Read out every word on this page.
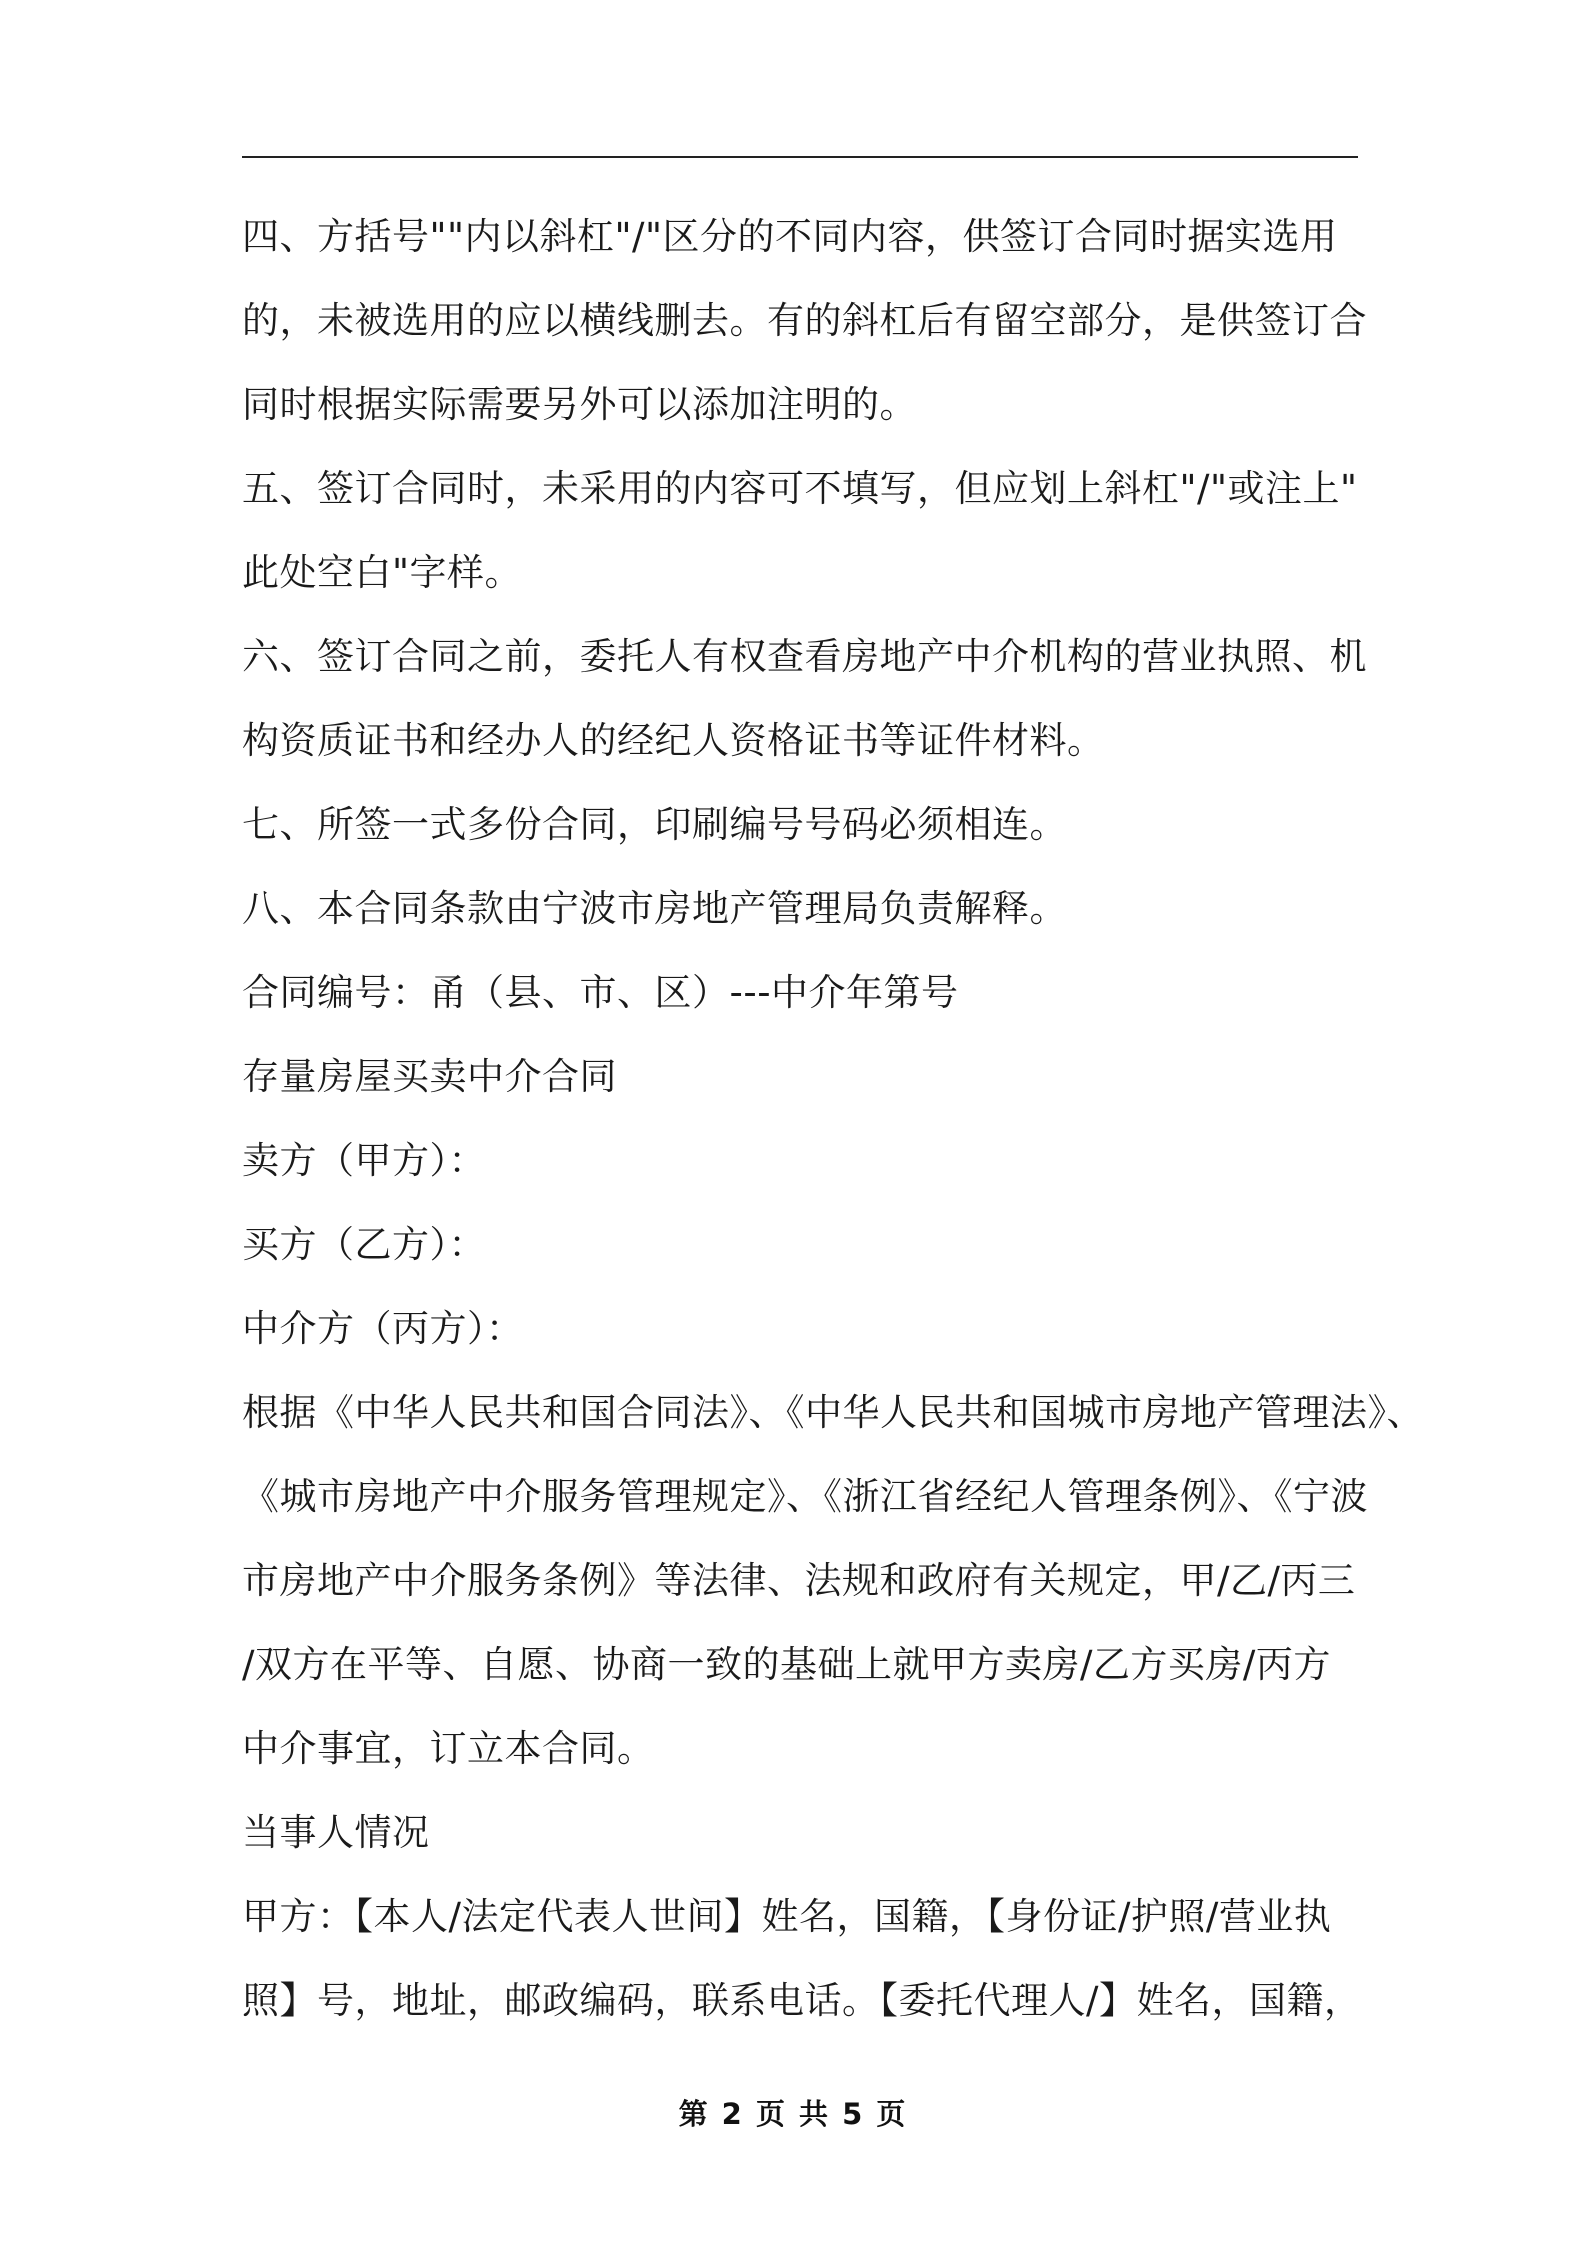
四、方括号""内以斜杠"/"区分的不同内容，供签订合同时据实选用
的，未被选用的应以横线删去。有的斜杠后有留空部分，是供签订合
同时根据实际需要另外可以添加注明的。
五、签订合同时，未采用的内容可不填写，但应划上斜杠"/"或注上"
此处空白"字样。
六、签订合同之前，委托人有权查看房地产中介机构的营业执照、机
构资质证书和经办人的经纪人资格证书等证件材料。
七、所签一式多份合同，印刷编号号码必须相连。
八、本合同条款由宁波市房地产管理局负责解释。
合同编号：甬（县、市、区）---中介年第号
存量房屋买卖中介合同
卖方（甲方）：
买方（乙方）：
中介方（丙方）：
根据《中华人民共和国合同法》、《中华人民共和国城市房地产管理法》、
《城市房地产中介服务管理规定》、《浙江省经纪人管理条例》、《宁波
市房地产中介服务条例》等法律、法规和政府有关规定，甲/乙/丙三
/双方在平等、自愿、协商一致的基础上就甲方卖房/乙方买房/丙方
中介事宜，订立本合同。
当事人情况
甲方：【本人/法定代表人世间】姓名，国籍，【身份证/护照/营业执
照】号，地址，邮政编码，联系电话。【委托代理人/】姓名，国籍，
第 2 页 共 5 页
